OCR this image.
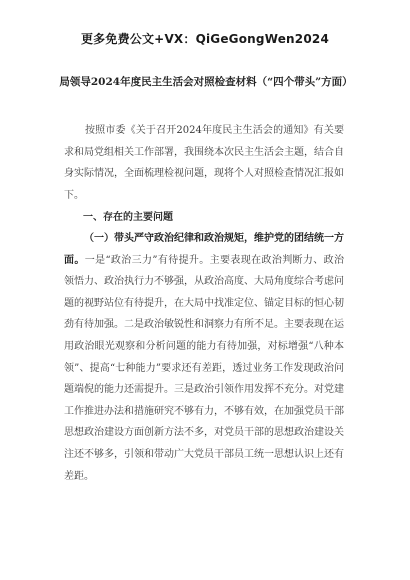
更多免费公文+VX：QiGeGongWen2024
局领导2024年度民主生活会对照检查材料（“四个带头”方面）
按照市委《关于召开2024年度民主生活会的通知》有关要求和局党组相关工作部署，我围绕本次民主生活会主题，结合自身实际情况，全面梳理检视问题，现将个人对照检查情况汇报如下。
一、存在的主要问题
（一）带头严守政治纪律和政治规矩，维护党的团结统一方面。一是“政治三力”有待提升。主要表现在政治判断力、政治领悟力、政治执行力不够强，从政治高度、大局角度综合考虑问题的视野站位有待提升，在大局中找准定位、锚定目标的恒心韧劲有待加强。二是政治敏锐性和洞察力有所不足。主要表现在运用政治眼光观察和分析问题的能力有待加强，对标增强“八种本领”、提高“七种能力”要求还有差距，透过业务工作发现政治问题端倪的能力还需提升。三是政治引领作用发挥不充分。对党建工作推进办法和措施研究不够有力，不够有效，在加强党员干部思想政治建设方面创新方法不多，对党员干部的思想政治建设关注还不够多，引领和带动广大党员干部员工统一思想认识上还有差距。
